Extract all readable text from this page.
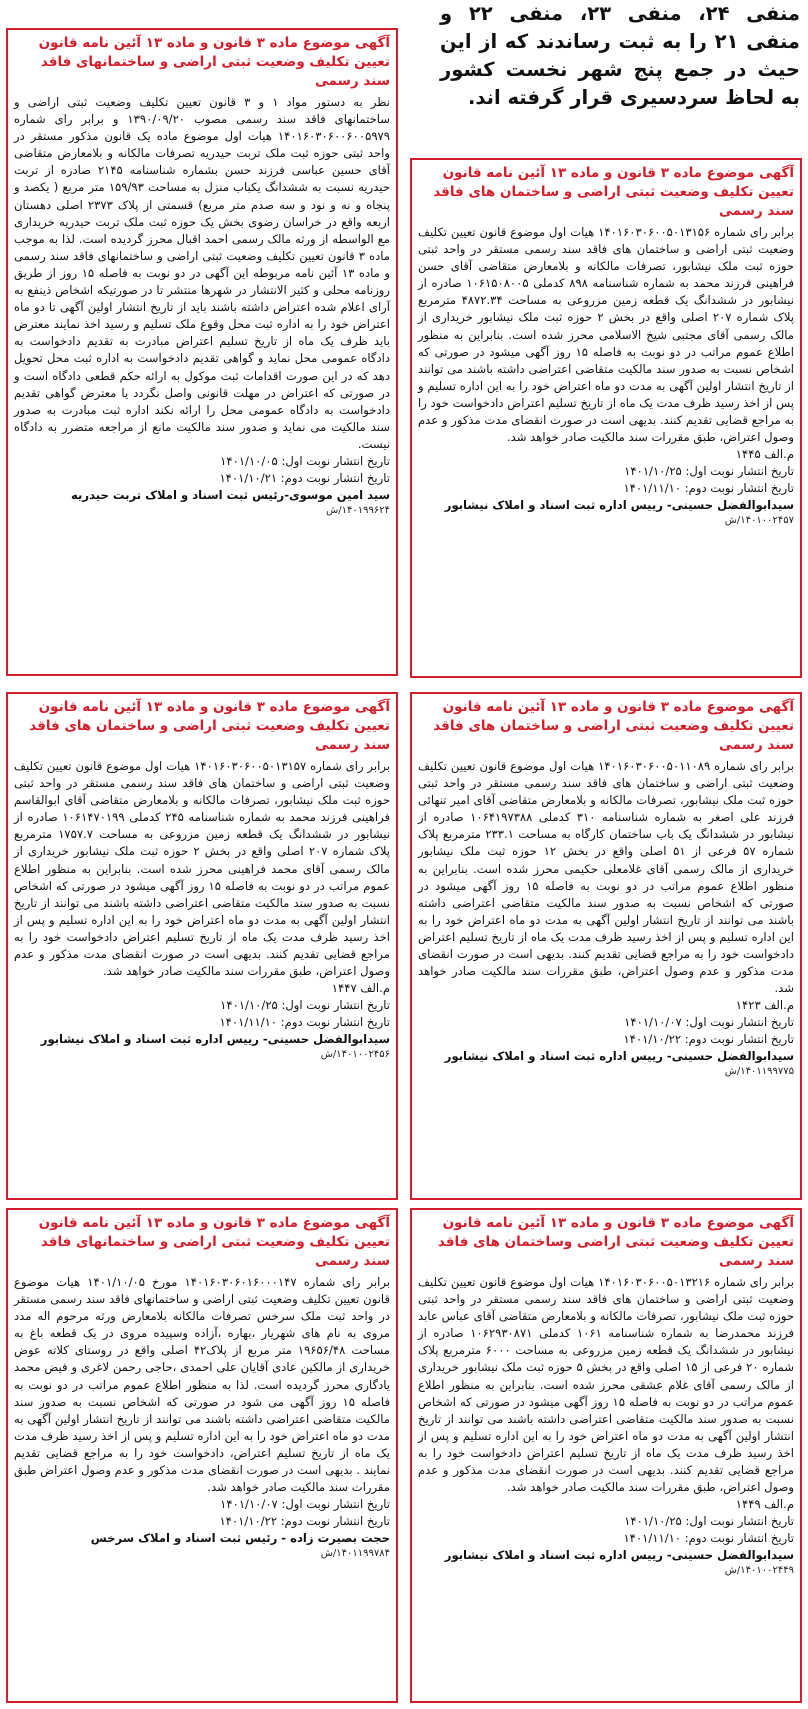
منفی ۲۴، منفی ۲۳، منفی ۲۲ و منفی ۲۱ را به ثبت رساندند که از این حیث در جمع پنج شهر نخست کشور به لحاظ سردسیری قرار گرفته اند.
آگهی موضوع ماده ۳ قانون و ماده ۱۳ آئین نامه قانون تعیین تکلیف وضعیت ثبتی اراضی و ساختمانهای فاقد سند رسمی
نظر به دستور مواد ۱ و ۳ قانون تعیین تکلیف وضعیت ثبتی اراضی و ساختمانهای فاقد سند رسمی مصوب ۱۳۹۰/۰۹/۲۰ و برابر رای شماره ۱۴۰۱۶۰۳۰۶۰۰۶۰۰۵۹۷۹ هیات اول موضوع ماده یک قانون مذکور مستقر در واحد ثبتی حوزه ثبت ملک تربت حیدریه تصرفات مالکانه و بلامعارض متقاضی آقای حسین عباسی فرزند حسن بشماره شناسنامه ۲۱۴۵ صادره از تربت حیدریه نسبت به ششدانگ یکباب منزل به مساحت ۱۵۹/۹۳ متر مربع ( یکصد و پنجاه و نه و نود و سه صدم متر مربع) قسمتی از پلاک ۲۳۷۳ اصلی دهستان اربعه واقع در خراسان رضوی بخش یک حوزه ثبت ملک تربت حیدریه خریداری مع الواسطه از ورثه مالک رسمی احمد اقبال محرز گردیده است. لذا به موجب ماده ۳ قانون تعیین تکلیف وضعیت ثبتی اراضی و ساختمانهای فاقد سند رسمی و ماده ۱۳ آئین نامه مربوطه این آگهی در دو نوبت به فاصله ۱۵ روز از طریق روزنامه محلی و کثیر الانتشار در شهرها منتشر تا در صورتیکه اشخاص ذینفع به آرای اعلام شده اعتراض داشته باشند باید از تاریخ انتشار اولین آگهی تا دو ماه اعتراض خود را به اداره ثبت محل وقوع ملک تسلیم و رسید اخذ نمایند معترض باید ظرف یک ماه از تاریخ تسلیم اعتراض مبادرت به تقدیم دادخواست به دادگاه عمومی محل نماید و گواهی تقدیم دادخواست به اداره ثبت محل تحویل دهد که در این صورت اقدامات ثبت موکول به ارائه حکم قطعی دادگاه است و در صورتی که اعتراض در مهلت قانونی واصل نگردد یا معترض گواهی تقدیم دادخواست به دادگاه عمومی محل را ارائه نکند اداره ثبت مبادرت به صدور سند مالکیت می نماید و صدور سند مالکیت مانع از مراجعه متضرر به دادگاه نیست.
تاریخ انتشار نوبت اول: ۱۴۰۱/۱۰/۰۵
تاریخ انتشار نوبت دوم: ۱۴۰۱/۱۰/۲۱
سید امین موسوی-رئیس ثبت اسناد و املاک تربت حیدریه
۱۴۰۱۹۹۶۲۴/ش
آگهی موضوع ماده ۳ قانون و ماده ۱۳ آئین نامه قانون تعیین تکلیف وضعیت ثبتی اراضی و ساختمان های فاقد سند رسمی
برابر رای شماره ۱۴۰۱۶۰۳۰۶۰۰۵۰۱۳۱۵۶ هیات اول موضوع قانون تعیین تکلیف وضعیت ثبتی اراضی و ساختمان های فاقد سند رسمی مستقر در واحد ثبتی حوزه ثبت ملک نیشابور، تصرفات مالکانه و بلامعارض متقاضی آقای حسن فراهینی فرزند محمد به شماره شناسنامه ۸۹۸ کدملی ۱۰۶۱۵۰۸۰۰۵ صادره از نیشابور در ششدانگ یک قطعه زمین مزروعی به مساحت ۴۸۷۲.۳۴ مترمربع پلاک شماره ۲۰۷ اصلی واقع در بخش ۲ حوزه ثبت ملک نیشابور خریداری از مالک رسمی آقای مجتبی شیخ الاسلامی محرز شده است. بنابراین به منظور اطلاع عموم مراتب در دو نوبت به فاصله ۱۵ روز آگهی میشود در صورتی که اشخاص نسبت به صدور سند مالکیت متقاضی اعتراضی داشته باشند می توانند از تاریخ انتشار اولین آگهی به مدت دو ماه اعتراض خود را به این اداره تسلیم و پس از اخذ رسید ظرف مدت یک ماه از تاریخ تسلیم اعتراض دادخواست خود را به مراجع قضایی تقدیم کنند. بدیهی است در صورت انقضای مدت مذکور و عدم وصول اعتراض، طبق مقررات سند مالکیت صادر خواهد شد.
م.الف ۱۴۴۵
تاریخ انتشار نوبت اول: ۱۴۰۱/۱۰/۲۵
تاریخ انتشار نوبت دوم: ۱۴۰۱/۱۱/۱۰
سیدابوالفضل حسینی- رییس اداره ثبت اسناد و املاک نیشابور
۱۴۰۱۰۰۲۴۵۷/ش
آگهی موضوع ماده ۳ قانون و ماده ۱۳ آئین نامه قانون تعیین تکلیف وضعیت ثبتی اراضی و ساختمان های فاقد سند رسمی
برابر رای شماره ۱۴۰۱۶۰۳۰۶۰۰۵۰۱۳۱۵۷ هیات اول موضوع قانون تعیین تکلیف وضعیت ثبتی اراضی و ساختمان های فاقد سند رسمی مستقر در واحد ثبتی حوزه ثبت ملک نیشابور، تصرفات مالکانه و بلامعارض متقاضی آقای ابوالقاسم فراهینی فرزند محمد به شماره شناسنامه ۲۴۵ کدملی ۱۰۶۱۴۷۰۱۹۹ صادره از نیشابور در ششدانگ یک قطعه زمین مزروعی به مساحت ۱۷۵۷.۷ مترمربع پلاک شماره ۲۰۷ اصلی واقع در بخش ۲ حوزه ثبت ملک نیشابور خریداری از مالک رسمی آقای محمد فراهینی محرز شده است. بنابراین به منظور اطلاع عموم مراتب در دو نوبت به فاصله ۱۵ روز آگهی میشود در صورتی که اشخاص نسبت به صدور سند مالکیت متقاضی اعتراضی داشته باشند می توانند از تاریخ انتشار اولین آگهی به مدت دو ماه اعتراض خود را به این اداره تسلیم و پس از اخذ رسید ظرف مدت یک ماه از تاریخ تسلیم اعتراض دادخواست خود را به مراجع قضایی تقدیم کنند. بدیهی است در صورت انقضای مدت مذکور و عدم وصول اعتراض، طبق مقررات سند مالکیت صادر خواهد شد.
م.الف ۱۴۴۷
تاریخ انتشار نوبت اول: ۱۴۰۱/۱۰/۲۵
تاریخ انتشار نوبت دوم: ۱۴۰۱/۱۱/۱۰
سیدابوالفضل حسینی- رییس اداره ثبت اسناد و املاک نیشابور
۱۴۰۱۰۰۲۴۵۶/ش
آگهی موضوع ماده ۳ قانون و ماده ۱۳ آئین نامه قانون تعیین تکلیف وضعیت ثبتی اراضی و ساختمان های فاقد سند رسمی
برابر رای شماره ۱۴۰۱۶۰۳۰۶۰۰۵۰۱۱۰۸۹ هیات اول موضوع قانون تعیین تکلیف وضعیت ثبتی اراضی و ساختمان های فاقد سند رسمی مستقر در واحد ثبتی حوزه ثبت ملک نیشابور، تصرفات مالکانه و بلامعارض متقاضی آقای امیر تنهائی فرزند علی اصغر به شماره شناسنامه ۳۱۰ کدملی ۱۰۶۴۱۹۷۳۸۸ صادره از نیشابور در ششدانگ یک باب ساختمان کارگاه به مساحت ۲۳۳.۱ مترمربع پلاک شماره ۵۷ فرعی از ۵۱ اصلی واقع در بخش ۱۲ حوزه ثبت ملک نیشابور خریداری از مالک رسمی آقای غلامعلی حکیمی محرز شده است. بنابراین به منظور اطلاع عموم مراتب در دو نوبت به فاصله ۱۵ روز آگهی میشود در صورتی که اشخاص نسبت به صدور سند مالکیت متقاضی اعتراضی داشته باشند می توانند از تاریخ انتشار اولین آگهی به مدت دو ماه اعتراض خود را به این اداره تسلیم و پس از اخذ رسید ظرف مدت یک ماه از تاریخ تسلیم اعتراض دادخواست خود را به مراجع قضایی تقدیم کنند. بدیهی است در صورت انقضای مدت مذکور و عدم وصول اعتراض، طبق مقررات سند مالکیت صادر خواهد شد.
م.الف ۱۴۲۳
تاریخ انتشار نوبت اول: ۱۴۰۱/۱۰/۰۷
تاریخ انتشار نوبت دوم: ۱۴۰۱/۱۰/۲۲
سیدابوالفضل حسینی- رییس اداره ثبت اسناد و املاک نیشابور
۱۴۰۱۱۹۹۷۷۵/ش
آگهی موضوع ماده ۳ قانون و ماده ۱۳ آئین نامه قانون تعیین تکلیف وضعیت ثبتی اراضی و ساختمانهای فاقد سند رسمی
برابر رای شماره ۱۴۰۱۶۰۳۰۶۰۱۶۰۰۰۱۴۷ مورخ ۱۴۰۱/۱۰/۰۵ هیات موضوع قانون تعیین تکلیف وضعیت ثبتی اراضی و ساختمانهای فاقد سند رسمی مستقر در واحد ثبت ملک سرخس تصرفات مالکانه بلامعارض ورثه مرحوم اله مدد مروی به نام های شهریار ،بهاره ،آزاده وسپیده مروی در یک قطعه باغ به مساحت ۱۹۶۵۶/۴۸ متر مربع از پلاک۴۲ اصلی واقع در روستای کلاته عوض خریداری از مالکین عادی آقایان علی احمدی ،حاجی رحمن لاغری و فیض محمد یادگاری محرز گردیده است. لذا به منظور اطلاع عموم مراتب در دو نوبت به فاصله ۱۵ روز آگهی می شود در صورتی که اشخاص نسبت به صدور سند مالکیت متقاضی اعتراضی داشته باشند می توانند از تاریخ انتشار اولین آگهی به مدت دو ماه اعتراض خود را به این اداره تسلیم و پس از اخذ رسید ظرف مدت یک ماه از تاریخ تسلیم اعتراض، دادخواست خود را به مراجع قضایی تقدیم نمایند . بدیهی است در صورت انقضای مدت مذکور و عدم وصول اعتراض طبق مقررات سند مالکیت صادر خواهد شد.
تاریخ انتشار نوبت اول: ۱۴۰۱/۱۰/۰۷
تاریخ انتشار نوبت دوم: ۱۴۰۱/۱۰/۲۲
حجت بصیرت زاده - رئیس ثبت اسناد و املاک سرخس
۱۴۰۱۱۹۹۷۸۴/ش
آگهی موضوع ماده ۳ قانون و ماده ۱۳ آئین نامه قانون تعیین تکلیف وضعیت ثبتی اراضی وساختمان های فاقد سند رسمی
برابر رای شماره ۱۴۰۱۶۰۳۰۶۰۰۵۰۱۳۲۱۶ هیات اول موضوع قانون تعیین تکلیف وضعیت ثبتی اراضی و ساختمان های فاقد سند رسمی مستقر در واحد ثبتی حوزه ثبت ملک نیشابور، تصرفات مالکانه و بلامعارض متقاضی آقای عباس عابد فرزند محمدرضا به شماره شناسنامه ۱۰۶۱ کدملی ۱۰۶۲۹۳۰۸۷۱ صادره از نیشابور در ششدانگ یک قطعه زمین مزروعی به مساحت ۶۰۰۰ مترمربع پلاک شماره ۲۰ فرعی از ۱۵ اصلی واقع در بخش ۵ حوزه ثبت ملک نیشابور خریداری از مالک رسمی آقای غلام عشقی محرز شده است. بنابراین به منظور اطلاع عموم مراتب در دو نوبت به فاصله ۱۵ روز آگهی میشود در صورتی که اشخاص نسبت به صدور سند مالکیت متقاضی اعتراضی داشته باشند می توانند از تاریخ انتشار اولین آگهی به مدت دو ماه اعتراض خود را به این اداره تسلیم و پس از اخذ رسید ظرف مدت یک ماه از تاریخ تسلیم اعتراض دادخواست خود را به مراجع قضایی تقدیم کنند. بدیهی است در صورت انقضای مدت مذکور و عدم وصول اعتراض، طبق مقررات سند مالکیت صادر خواهد شد.
م.الف ۱۴۴۹
تاریخ انتشار نوبت اول: ۱۴۰۱/۱۰/۲۵
تاریخ انتشار نوبت دوم: ۱۴۰۱/۱۱/۱۰
سیدابوالفضل حسینی- رییس اداره ثبت اسناد و املاک نیشابور
۱۴۰۱۰۰۲۴۴۹/ش
